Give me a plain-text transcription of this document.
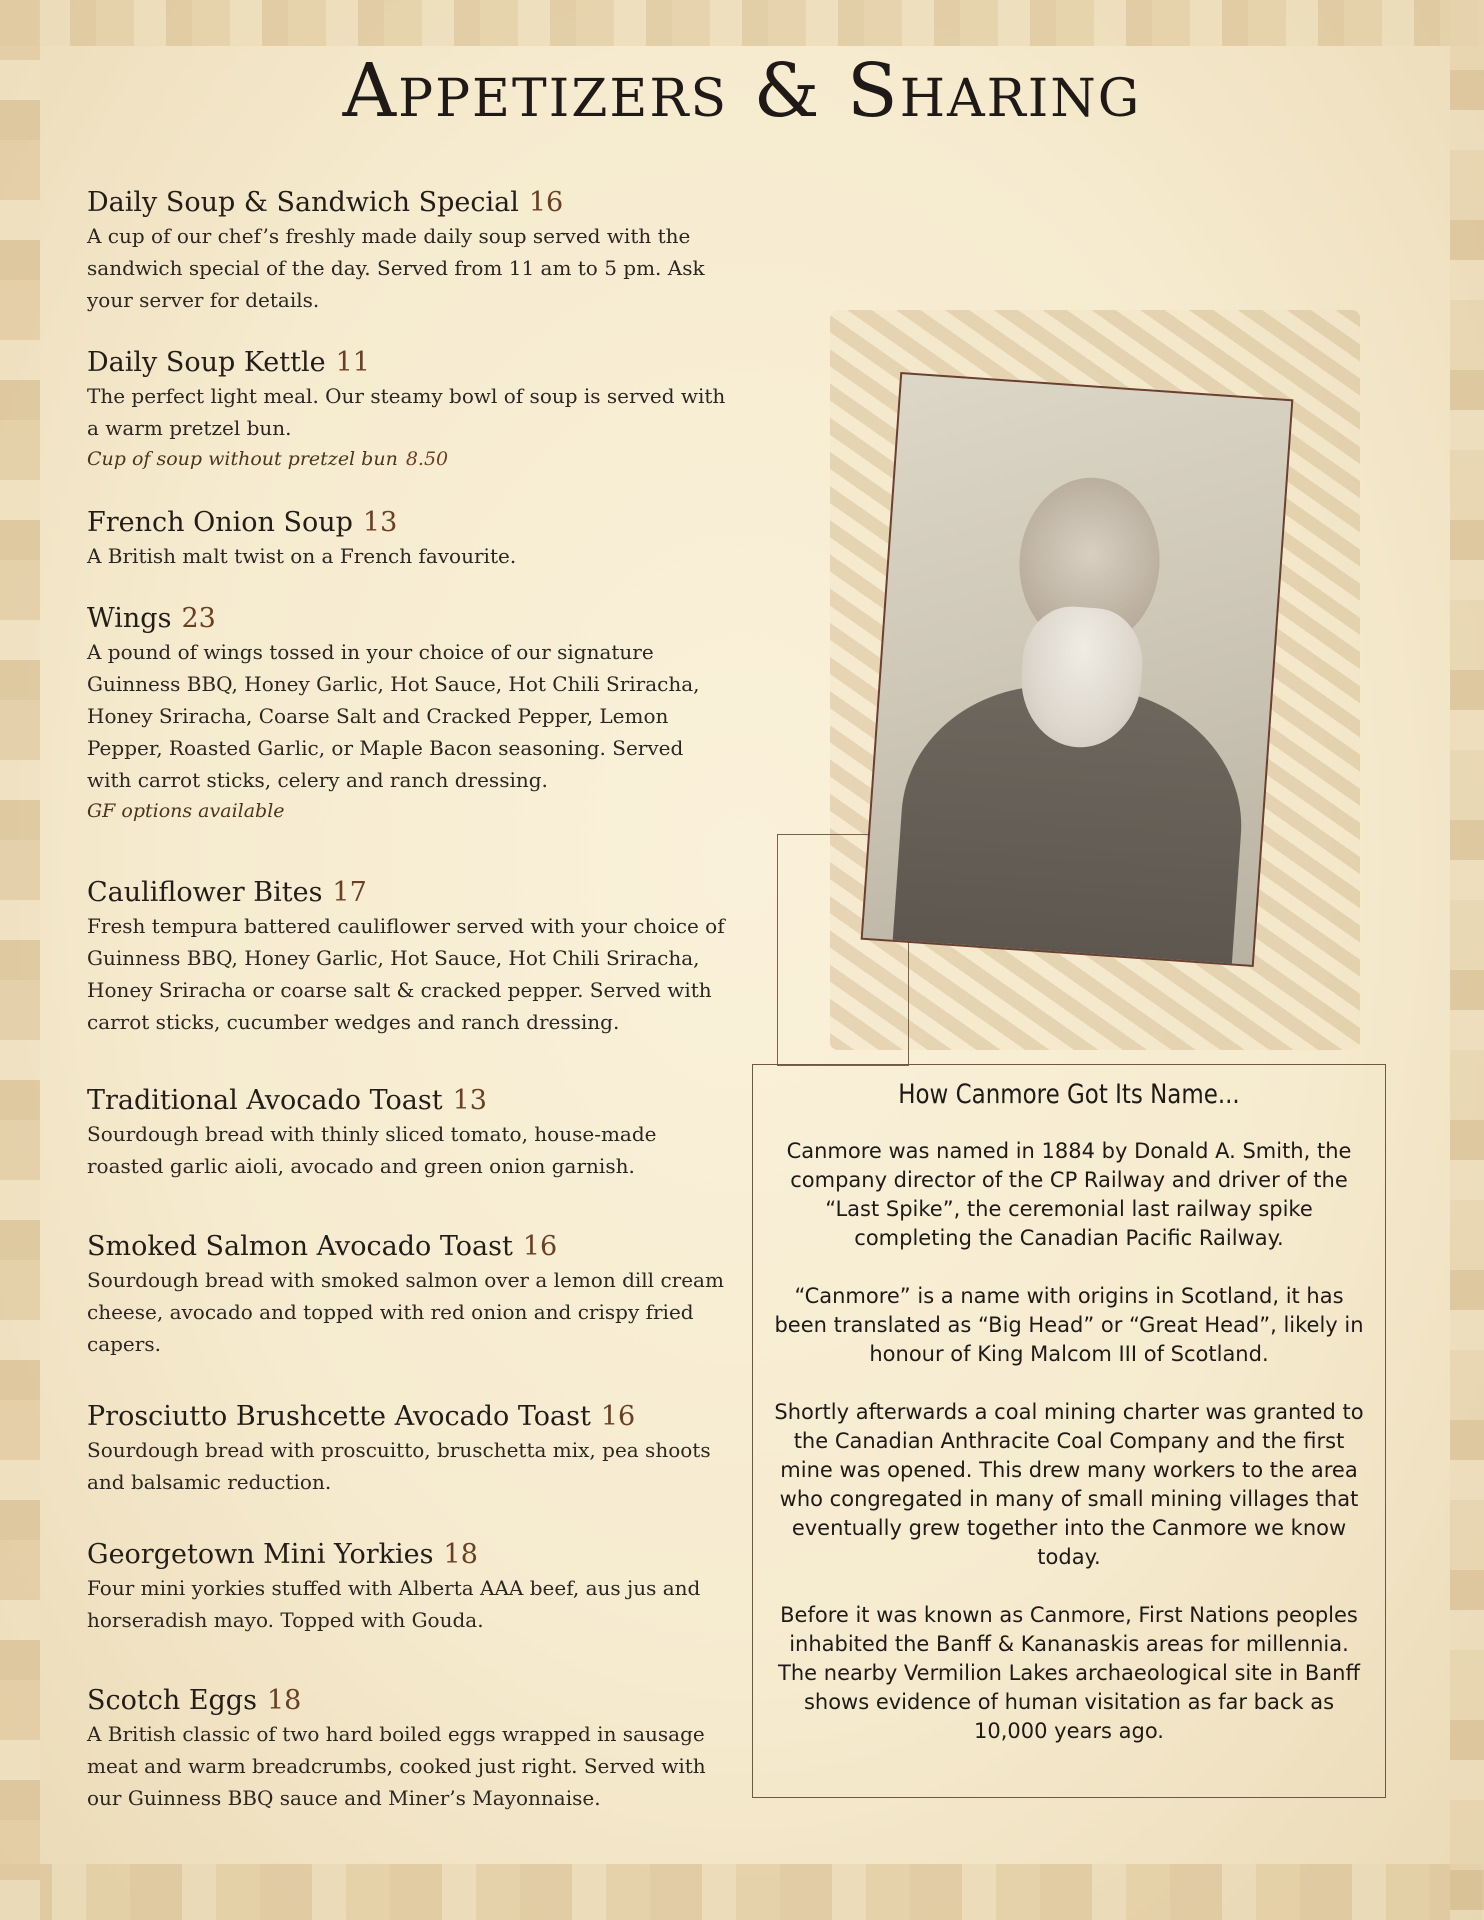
Appetizers & Sharing
Daily Soup & Sandwich Special 16

A cup of our chef’s freshly made daily soup served with the sandwich special of the day. Served from 11 am to 5 pm. Ask your server for details.

Daily Soup Kettle 11

The perfect light meal. Our steamy bowl of soup is served with a warm pretzel bun.

Cup of soup without pretzel bun 8.50
French Onion Soup 13

A British malt twist on a French favourite.

Wings 23

A pound of wings tossed in your choice of our signature Guinness BBQ, Honey Garlic, Hot Sauce, Hot Chili Sriracha, Honey Sriracha, Coarse Salt and Cracked Pepper, Lemon Pepper, Roasted Garlic, or Maple Bacon seasoning. Served with carrot sticks, celery and ranch dressing.

GF options available
Cauliflower Bites 17

Fresh tempura battered cauliflower served with your choice of Guinness BBQ, Honey Garlic, Hot Sauce, Hot Chili Sriracha, Honey Sriracha or coarse salt & cracked pepper. Served with carrot sticks, cucumber wedges and ranch dressing.

Traditional Avocado Toast 13

Sourdough bread with thinly sliced tomato, house-made roasted garlic aioli, avocado and green onion garnish.

Smoked Salmon Avocado Toast 16

Sourdough bread with smoked salmon over a lemon dill cream cheese, avocado and topped with red onion and crispy fried capers.

Prosciutto Brushcette Avocado Toast 16

Sourdough bread with proscuitto, bruschetta mix, pea shoots and balsamic reduction.

Georgetown Mini Yorkies 18

Four mini yorkies stuffed with Alberta AAA beef, aus jus and horseradish mayo. Topped with Gouda.

Scotch Eggs 18

A British classic of two hard boiled eggs wrapped in sausage meat and warm breadcrumbs, cooked just right. Served with our Guinness BBQ sauce and Miner’s Mayonnaise.

How Canmore Got Its Name...

Canmore was named in 1884 by Donald A. Smith, the company director of the CP Railway and driver of the “Last Spike”, the ceremonial last railway spike completing the Canadian Pacific Railway.

“Canmore” is a name with origins in Scotland, it has been translated as “Big Head” or “Great Head”, likely in honour of King Malcom III of Scotland.

Shortly afterwards a coal mining charter was granted to the Canadian Anthracite Coal Company and the first mine was opened. This drew many workers to the area who congregated in many of small mining villages that eventually grew together into the Canmore we know today.

Before it was known as Canmore, First Nations peoples inhabited the Banff & Kananaskis areas for millennia. The nearby Vermilion Lakes archaeological site in Banff shows evidence of human visitation as far back as 10,000 years ago.
